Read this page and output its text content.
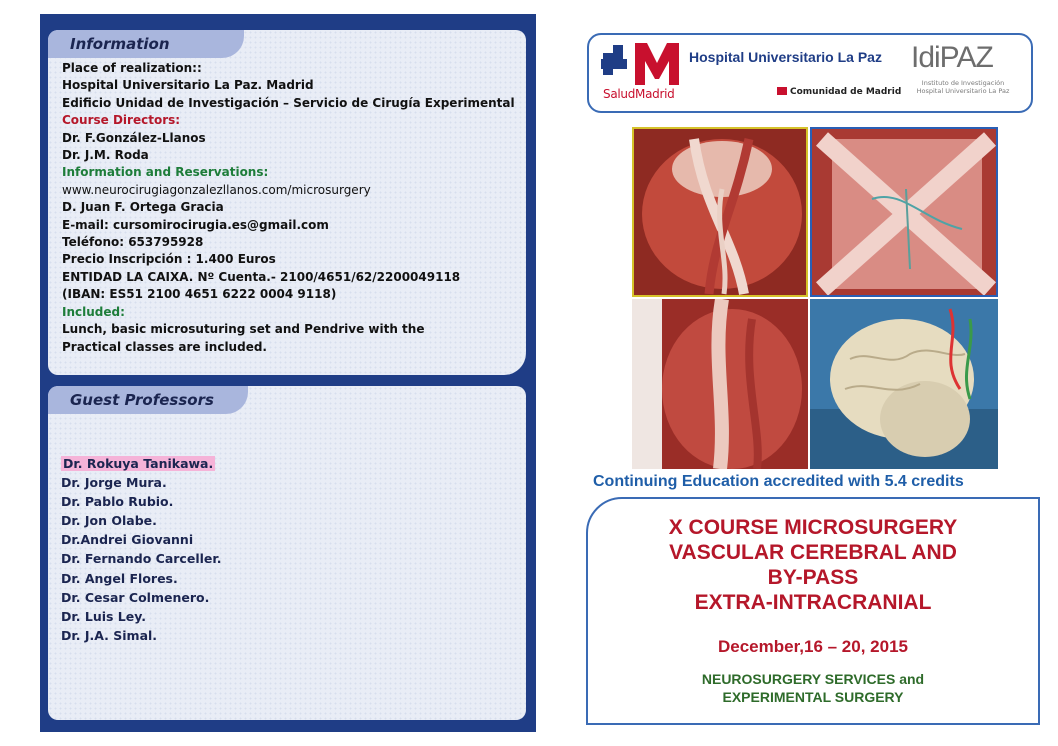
Information
Place of realization::
Hospital Universitario La Paz. Madrid
Edificio Unidad de Investigación – Servicio de Cirugía Experimental
Course Directors:
Dr. F.González-Llanos
Dr. J.M. Roda
Information and Reservations:
www.neurocirugiagonzalezllanos.com/microsurgery
D. Juan F. Ortega Gracia
E-mail: cursomirocirugia.es@gmail.com
Teléfono: 653795928
Precio Inscripción : 1.400 Euros
ENTIDAD LA CAIXA. Nº Cuenta.- 2100/4651/62/2200049118
(IBAN: ES51 2100 4651 6222 0004 9118)
Included:
Lunch, basic microsuturing set and Pendrive with the
Practical classes are included.
Guest Professors
Dr. Rokuya Tanikawa.
Dr. Jorge Mura.
Dr. Pablo Rubio.
Dr. Jon Olabe.
Dr.Andrei Giovanni
Dr. Fernando Carceller.
Dr. Angel Flores.
Dr. Cesar Colmenero.
Dr. Luis Ley.
Dr. J.A. Simal.
SaludMadrid
Hospital Universitario La Paz
Comunidad de Madrid
IdiPAZ
Instituto de Investigación Hospital Universitario La Paz
Continuing Education accredited with 5.4 credits
X COURSE MICROSURGERY
VASCULAR CEREBRAL AND
BY-PASS
EXTRA-INTRACRANIAL
December,16 – 20, 2015
NEUROSURGERY SERVICES and
EXPERIMENTAL SURGERY
